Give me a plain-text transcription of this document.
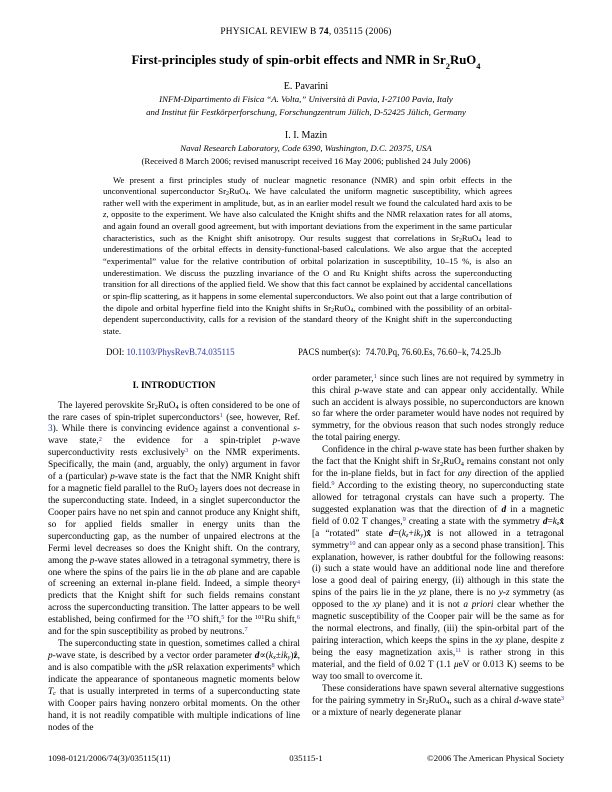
PHYSICAL REVIEW B 74, 035115 (2006)
First-principles study of spin-orbit effects and NMR in $Sr_2RuO_4$
E. Pavarini
INFM-Dipartimento di Fisica “A. Volta,” Università di Pavia, I-27100 Pavia, Italy
and Institut für Festkörperforschung, Forschungzentrum Jülich, D-52425 Jülich, Germany
I. I. Mazin
Naval Research Laboratory, Code 6390, Washington, D.C. 20375, USA
(Received 8 March 2006; revised manuscript received 16 May 2006; published 24 July 2006)
We present a first principles study of nuclear magnetic resonance (NMR) and spin orbit effects in the unconventional superconductor Sr2RuO4. We have calculated the uniform magnetic susceptibility, which agrees rather well with the experiment in amplitude, but, as in an earlier model result we found the calculated hard axis to be z, opposite to the experiment. We have also calculated the Knight shifts and the NMR relaxation rates for all atoms, and again found an overall good agreement, but with important deviations from the experiment in the same particular characteristics, such as the Knight shift anisotropy. Our results suggest that correlations in Sr2RuO4 lead to underestimations of the orbital effects in density-functional-based calculations. We also argue that the accepted “experimental” value for the relative contribution of orbital polarization in susceptibility, 10–15 %, is also an underestimation. We discuss the puzzling invariance of the O and Ru Knight shifts across the superconducting transition for all directions of the applied field. We show that this fact cannot be explained by accidental cancellations or spin-flip scattering, as it happens in some elemental superconductors. We also point out that a large contribution of the dipole and orbital hyperfine field into the Knight shifts in Sr2RuO4, combined with the possibility of an orbital-dependent superconductivity, calls for a revision of the standard theory of the Knight shift in the superconducting state.
DOI: 10.1103/PhysRevB.74.035115	PACS number(s): 74.70.Pq, 76.60.Es, 76.60−k, 74.25.Jb
I. INTRODUCTION

The layered perovskite Sr2RuO4 is often considered to be one of the rare cases of spin-triplet superconductors$^1$ (see, however, Ref. 3). While there is convincing evidence against a conventional s-wave state,$^2$ the evidence for a spin-triplet p-wave superconductivity rests exclusively$^3$ on the NMR experiments. Specifically, the main (and, arguably, the only) argument in favor of a (particular) p-wave state is the fact that the NMR Knight shift for a magnetic field parallel to the RuO2 layers does not decrease in the superconducting state. Indeed, in a singlet superconductor the Cooper pairs have no net spin and cannot produce any Knight shift, so for applied fields smaller in energy units than the superconducting gap, as the number of unpaired electrons at the Fermi level decreases so does the Knight shift. On the contrary, among the p-wave states allowed in a tetragonal symmetry, there is one where the spins of the pairs lie in the ab plane and are capable of screening an external in-plane field. Indeed, a simple theory$^4$ predicts that the Knight shift for such fields remains constant across the superconducting transition. The latter appears to be well established, being confirmed for the $^{17}$O shift,$^5$ for the $^{101}$Ru shift,$^6$ and for the spin susceptibility as probed by neutrons.$^7$

The superconducting state in question, sometimes called a chiral p-wave state, is described by a vector order parameter d∝(kx±iky)ẑ, and is also compatible with the μSR relaxation experiments$^8$ which indicate the appearance of spontaneous magnetic moments below Tc that is usually interpreted in terms of a superconducting state with Cooper pairs having nonzero orbital moments. On the other hand, it is not readily compatible with multiple indications of line nodes of the

order parameter,$^1$ since such lines are not required by symmetry in this chiral p-wave state and can appear only accidentally. While such an accident is always possible, no superconductors are known so far where the order parameter would have nodes not required by symmetry, for the obvious reason that such nodes strongly reduce the total pairing energy.

Confidence in the chiral p-wave state has been further shaken by the fact that the Knight shift in Sr2RuO4 remains constant not only for the in-plane fields, but in fact for any direction of the applied field.$^9$ According to the existing theory, no superconducting state allowed for tetragonal crystals can have such a property. The suggested explanation was that the direction of d in a magnetic field of 0.02 T changes,$^9$ creating a state with the symmetry d=kzx̂ [a “rotated” state d=(kz+iky)x̂ is not allowed in a tetragonal symmetry$^{10}$ and can appear only as a second phase transition]. This explanation, however, is rather doubtful for the following reasons: (i) such a state would have an additional node line and therefore lose a good deal of pairing energy, (ii) although in this state the spins of the pairs lie in the yz plane, there is no y-z symmetry (as opposed to the xy plane) and it is not a priori clear whether the magnetic susceptibility of the Cooper pair will be the same as for the normal electrons, and finally, (iii) the spin-orbital part of the pairing interaction, which keeps the spins in the xy plane, despite z being the easy magnetization axis,$^{11}$ is rather strong in this material, and the field of 0.02 T (1.1 μeV or 0.013 K) seems to be way too small to overcome it.

These considerations have spawn several alternative suggestions for the pairing symmetry in Sr2RuO4, such as a chiral d-wave state$^3$ or a mixture of nearly degenerate planar

035115-1
1098-0121/2006/74(3)/035115(11)	©2006 The American Physical Society
